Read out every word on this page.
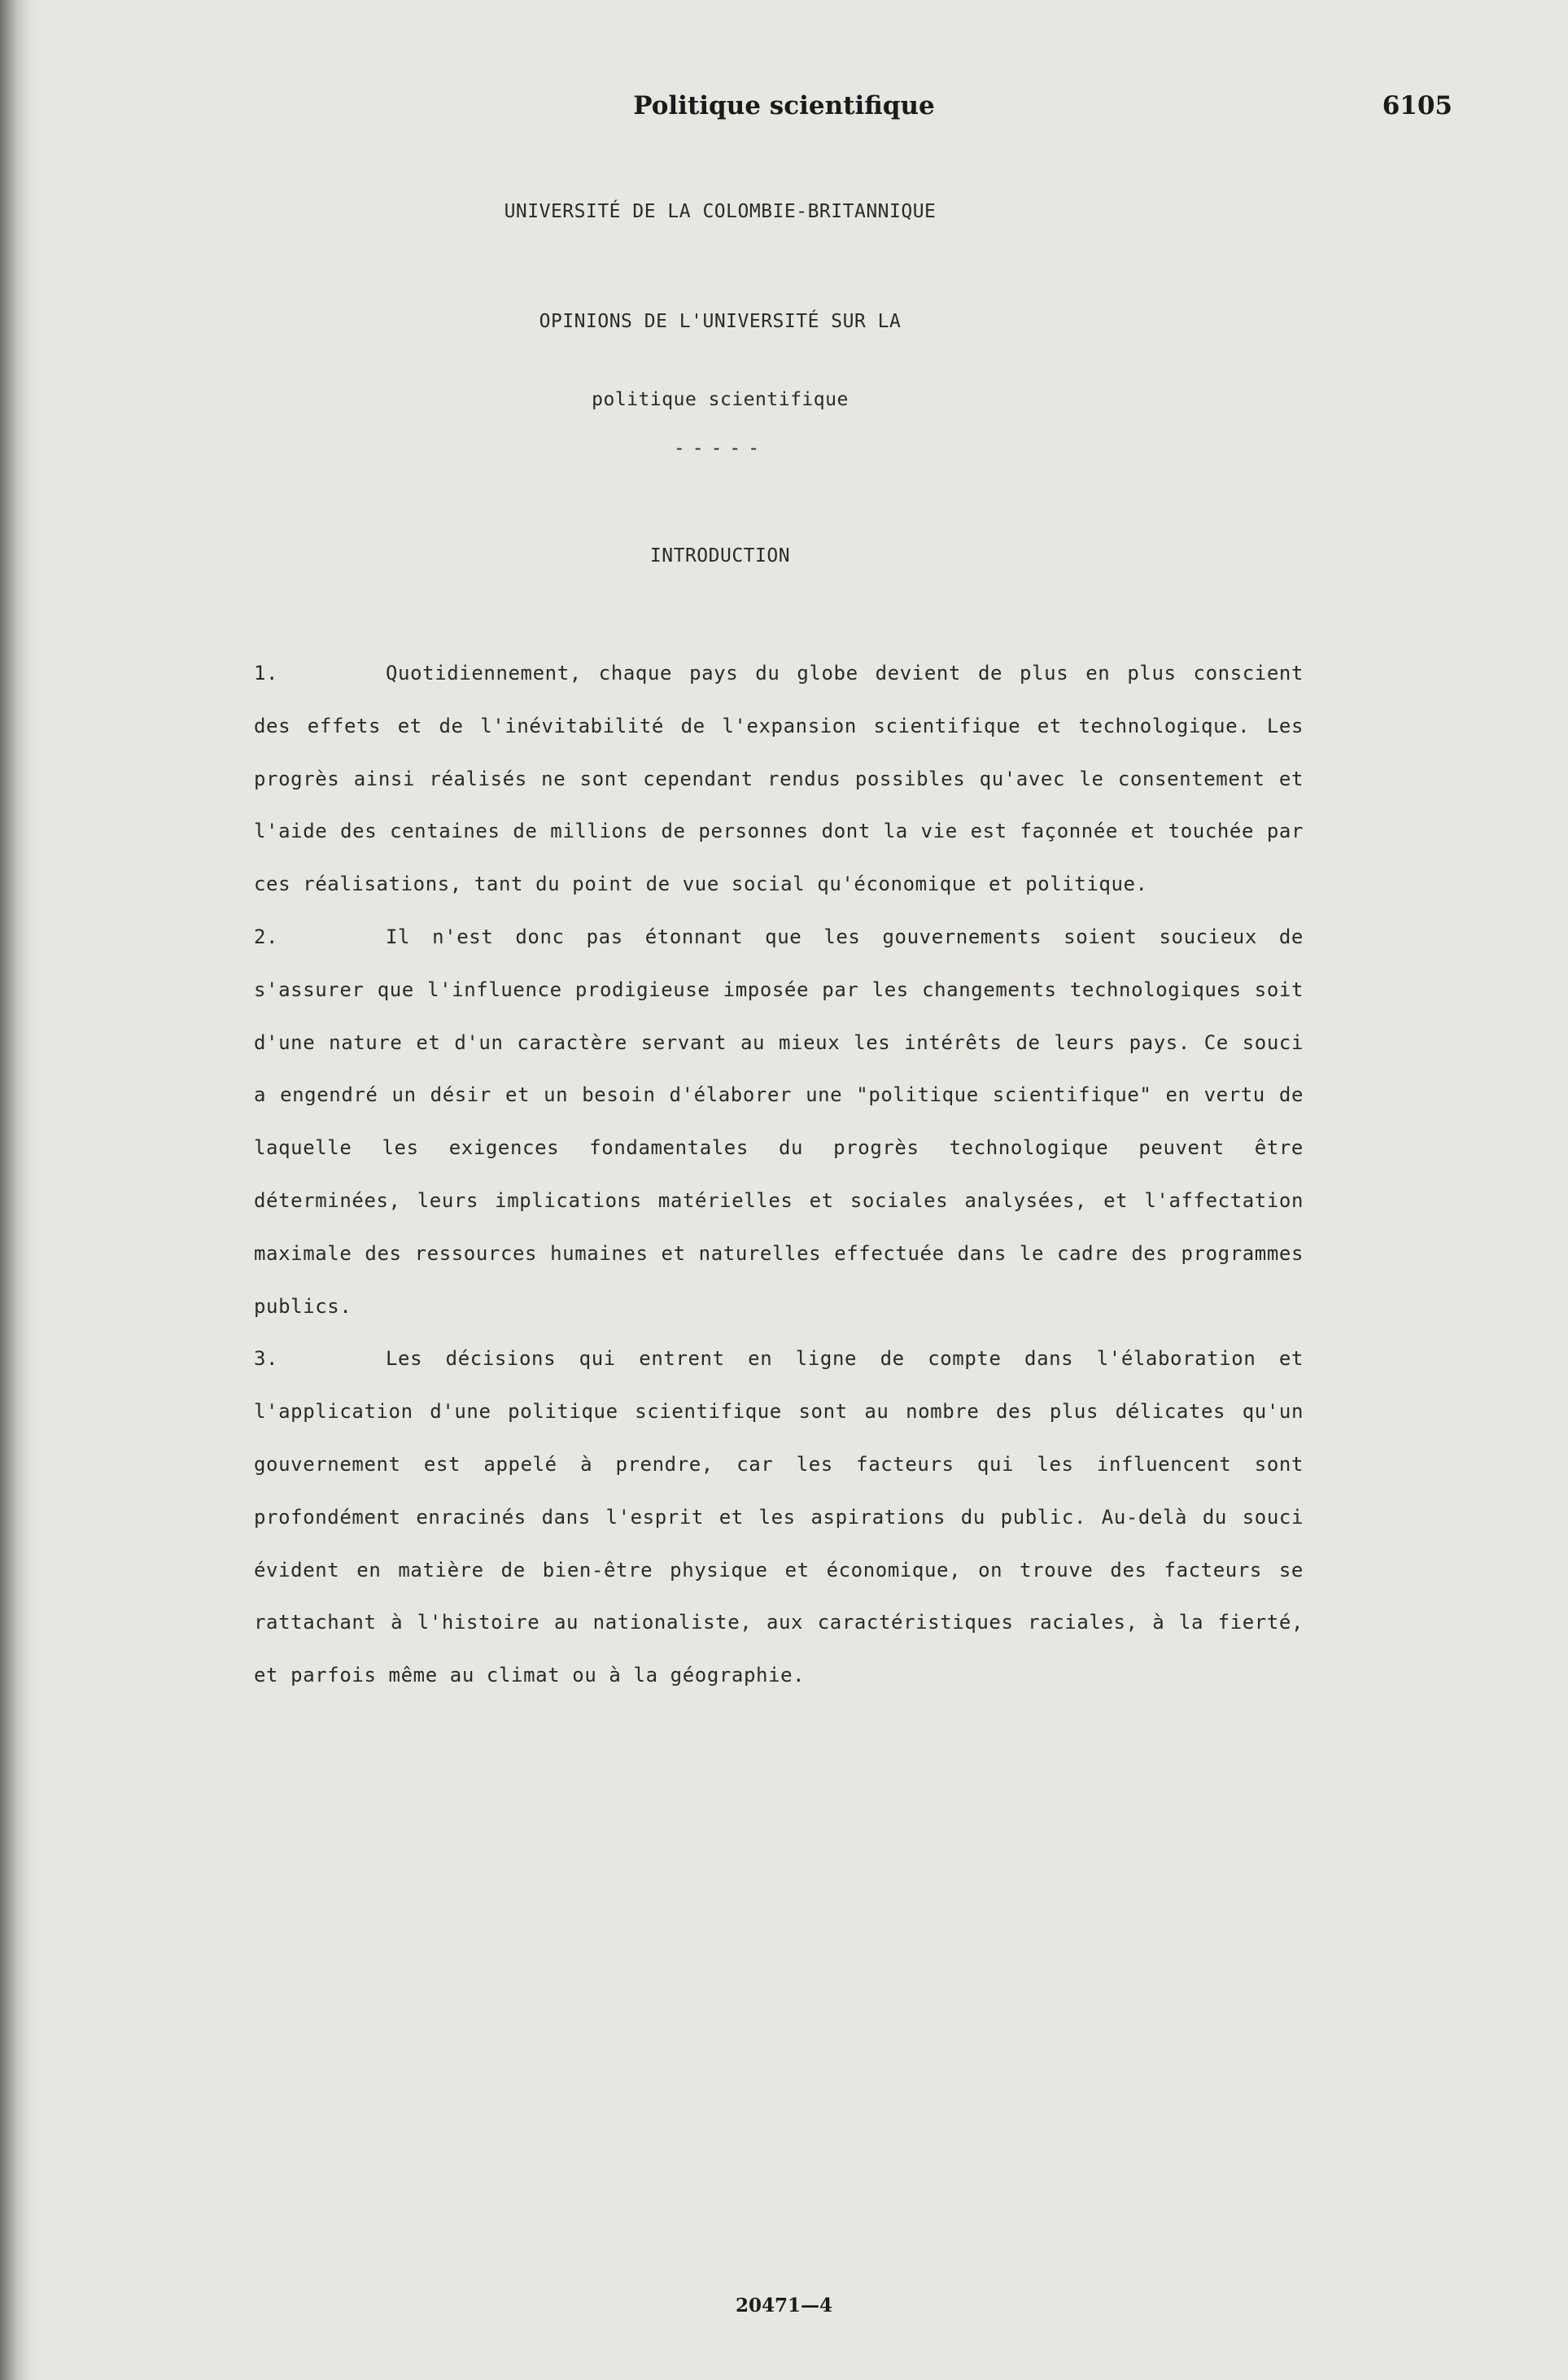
Politique scientifique	6105
UNIVERSITÉ DE LA COLOMBIE-BRITANNIQUE
OPINIONS DE L'UNIVERSITÉ SUR LA
politique scientifique
-----
INTRODUCTION

1.	Quotidiennement, chaque pays du globe devient de plus en plus conscient des effets et de l'inévitabilité de l'expansion scientifique et technologique. Les progrès ainsi réalisés ne sont cependant rendus possibles qu'avec le consentement et l'aide des centaines de millions de personnes dont la vie est façonnée et touchée par ces réalisations, tant du point de vue social qu'économique et politique.

2.	Il n'est donc pas étonnant que les gouvernements soient soucieux de s'assurer que l'influence prodigieuse imposée par les changements technologiques soit d'une nature et d'un caractère servant au mieux les intérêts de leurs pays. Ce souci a engendré un désir et un besoin d'élaborer une "politique scientifique" en vertu de laquelle les exigences fondamentales du progrès technologique peuvent être déterminées, leurs implications matérielles et sociales analysées, et l'affectation maximale des ressources humaines et naturelles effectuée dans le cadre des programmes publics.

3.	Les décisions qui entrent en ligne de compte dans l'élaboration et l'application d'une politique scientifique sont au nombre des plus délicates qu'un gouvernement est appelé à prendre, car les facteurs qui les influencent sont profondément enracinés dans l'esprit et les aspirations du public. Au-delà du souci évident en matière de bien-être physique et économique, on trouve des facteurs se rattachant à l'histoire au nationaliste, aux caractéristiques raciales, à la fierté, et parfois même au climat ou à la géographie.

20471—4
